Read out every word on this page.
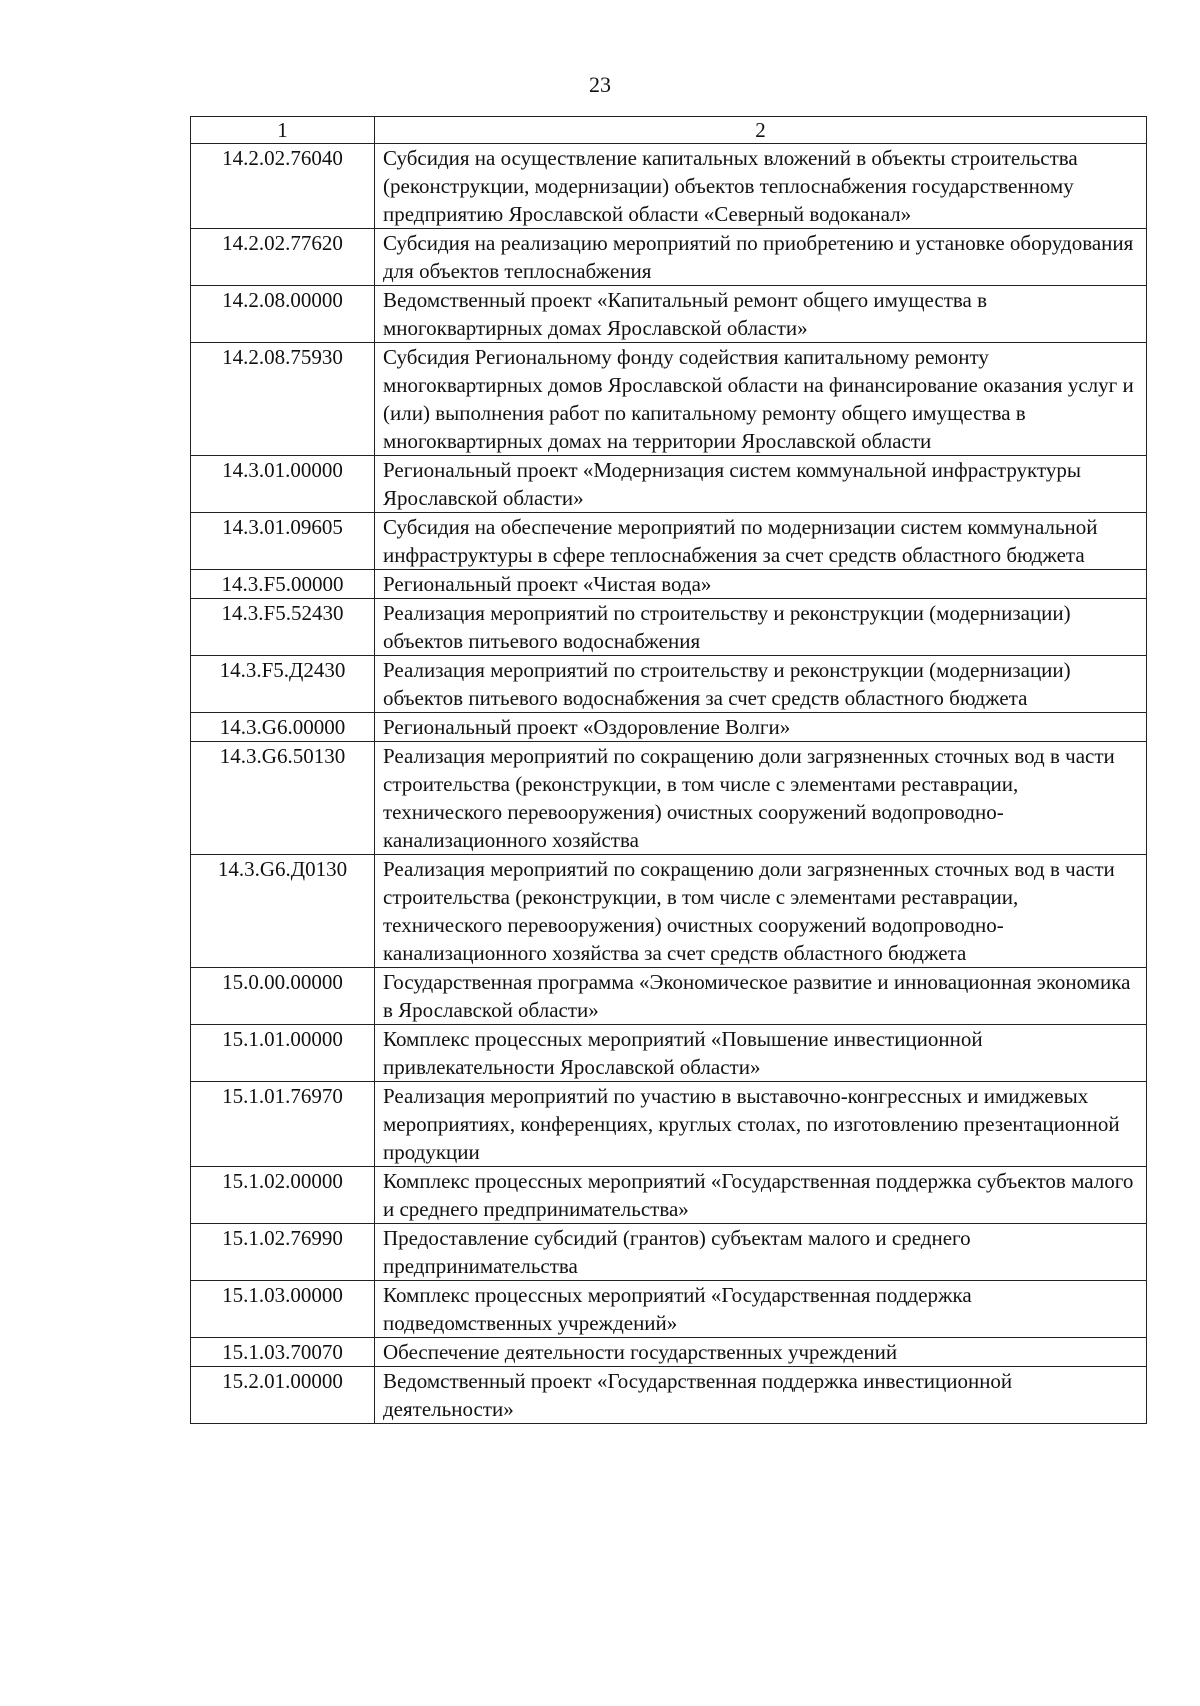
23
1	2
14.2.02.76040	Субсидия на осуществление капитальных вложений в объекты строительства (реконструкции, модернизации) объектов теплоснабжения государственному предприятию Ярославской области «Северный водоканал»
14.2.02.77620	Субсидия на реализацию мероприятий по приобретению и установке оборудования для объектов теплоснабжения
14.2.08.00000	Ведомственный проект «Капитальный ремонт общего имущества в многоквартирных домах Ярославской области»
14.2.08.75930	Субсидия Региональному фонду содействия капитальному ремонту многоквартирных домов Ярославской области на финансирование оказания услуг и (или) выполнения работ по капитальному ремонту общего имущества в многоквартирных домах на территории Ярославской области
14.3.01.00000	Региональный проект «Модернизация систем коммунальной инфраструктуры Ярославской области»
14.3.01.09605	Субсидия на обеспечение мероприятий по модернизации систем коммунальной инфраструктуры в сфере теплоснабжения за счет средств областного бюджета
14.3.F5.00000	Региональный проект «Чистая вода»
14.3.F5.52430	Реализация мероприятий по строительству и реконструкции (модернизации) объектов питьевого водоснабжения
14.3.F5.Д2430	Реализация мероприятий по строительству и реконструкции (модернизации) объектов питьевого водоснабжения за счет средств областного бюджета
14.3.G6.00000	Региональный проект «Оздоровление Волги»
14.3.G6.50130	Реализация мероприятий по сокращению доли загрязненных сточных вод в части строительства (реконструкции, в том числе с элементами реставрации, технического перевооружения) очистных сооружений водопроводно-канализационного хозяйства
14.3.G6.Д0130	Реализация мероприятий по сокращению доли загрязненных сточных вод в части строительства (реконструкции, в том числе с элементами реставрации, технического перевооружения) очистных сооружений водопроводно-канализационного хозяйства за счет средств областного бюджета
15.0.00.00000	Государственная программа «Экономическое развитие и инновационная экономика в Ярославской области»
15.1.01.00000	Комплекс процессных мероприятий «Повышение инвестиционной привлекательности Ярославской области»
15.1.01.76970	Реализация мероприятий по участию в выставочно-конгрессных и имиджевых мероприятиях, конференциях, круглых столах, по изготовлению презентационной продукции
15.1.02.00000	Комплекс процессных мероприятий «Государственная поддержка субъектов малого и среднего предпринимательства»
15.1.02.76990	Предоставление субсидий (грантов) субъектам малого и среднего предпринимательства
15.1.03.00000	Комплекс процессных мероприятий «Государственная поддержка подведомственных учреждений»
15.1.03.70070	Обеспечение деятельности государственных учреждений
15.2.01.00000	Ведомственный проект «Государственная поддержка инвестиционной деятельности»
